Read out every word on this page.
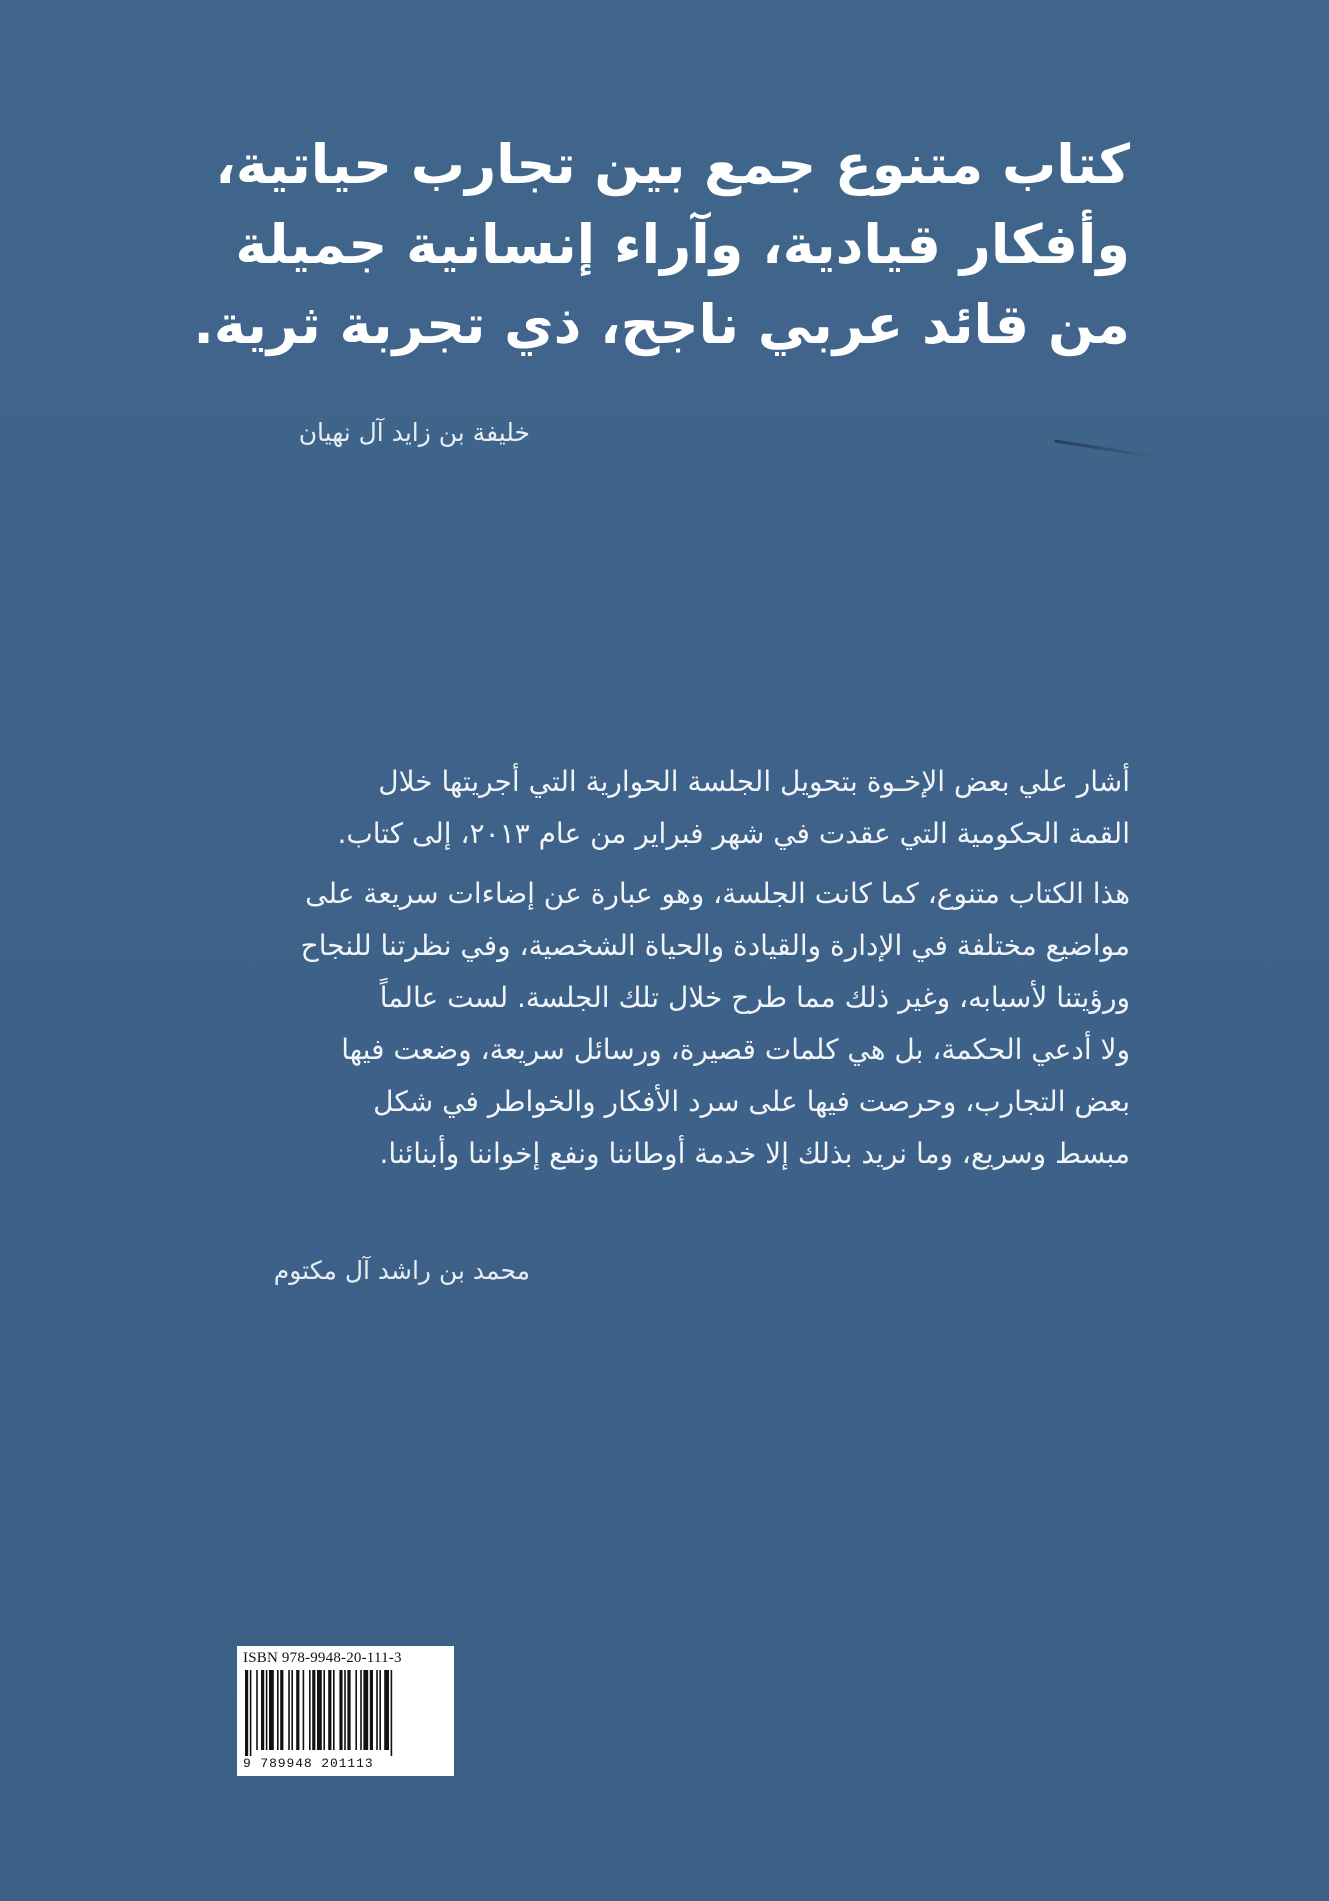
كتاب متنوع جمع بين تجارب حياتية،
وأفكار قيادية، وآراء إنسانية جميلة
من قائد عربي ناجح، ذي تجربة ثرية.
خليفة بن زايد آل نهيان
أشار علي بعض الإخـوة بتحويل الجلسة الحوارية التي أجريتها خلال
القمة الحكومية التي عقدت في شهر فبراير من عام ٢٠١٣، إلى كتاب.
هذا الكتاب متنوع، كما كانت الجلسة، وهو عبارة عن إضاءات سريعة على
مواضيع مختلفة في الإدارة والقيادة والحياة الشخصية، وفي نظرتنا للنجاح
ورؤيتنا لأسبابه، وغير ذلك مما طرح خلال تلك الجلسة. لست عالماً
ولا أدعي الحكمة، بل هي كلمات قصيرة، ورسائل سريعة، وضعت فيها
بعض التجارب، وحرصت فيها على سرد الأفكار والخواطر في شكل
مبسط وسريع، وما نريد بذلك إلا خدمة أوطاننا ونفع إخواننا وأبنائنا.
محمد بن راشد آل مكتوم
ISBN 978-9948-20-111-3
9 789948 201113
